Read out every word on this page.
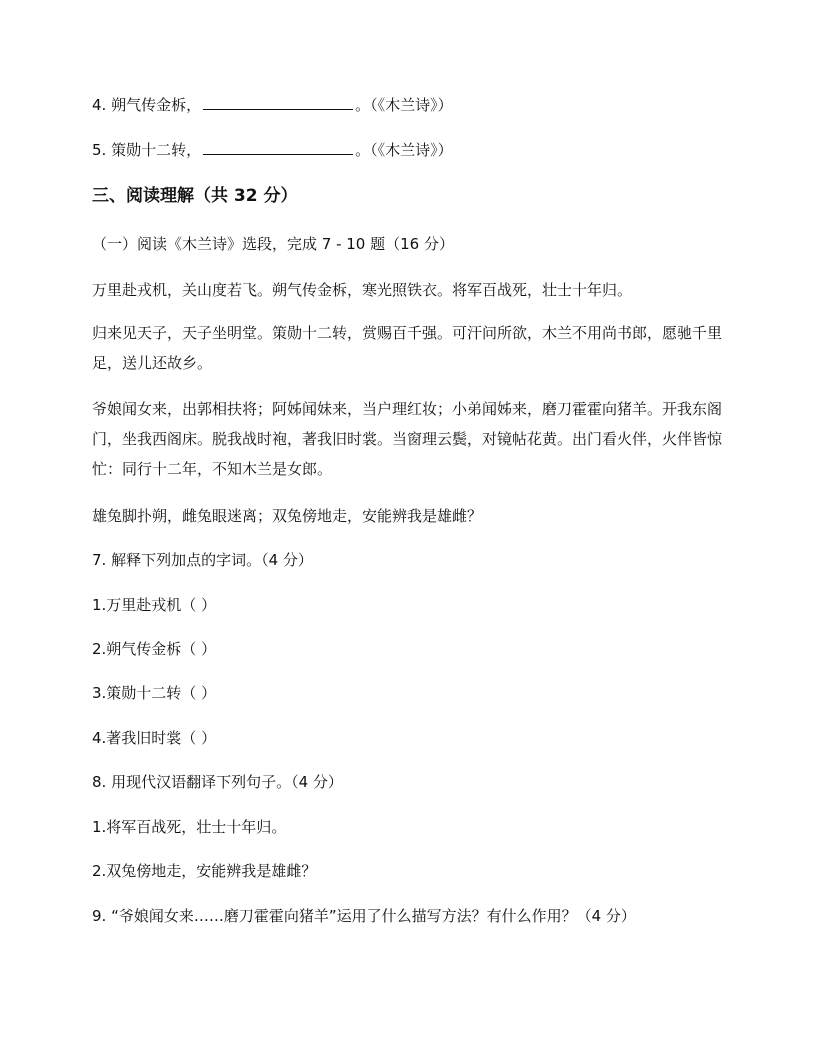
4. 朔气传金柝，	。（《木兰诗》）
5. 策勋十二转，	。（《木兰诗》）
三、阅读理解（共 32 分）
（一）阅读《木兰诗》选段，完成 7 - 10 题（16 分）
万里赴戎机，关山度若飞。朔气传金柝，寒光照铁衣。将军百战死，壮士十年归。
归来见天子，天子坐明堂。策勋十二转，赏赐百千强。可汗问所欲，木兰不用尚书郎，愿驰千里足，送儿还故乡。
爷娘闻女来，出郭相扶将；阿姊闻妹来，当户理红妆；小弟闻姊来，磨刀霍霍向猪羊。开我东阁门，坐我西阁床。脱我战时袍，著我旧时裳。当窗理云鬓，对镜帖花黄。出门看火伴，火伴皆惊忙：同行十二年，不知木兰是女郎。
雄兔脚扑朔，雌兔眼迷离；双兔傍地走，安能辨我是雄雌？
7. 解释下列加点的字词。（4 分）
1.万里赴戎机（ ）
2.朔气传金柝（ ）
3.策勋十二转（ ）
4.著我旧时裳（ ）
8. 用现代汉语翻译下列句子。（4 分）
1.将军百战死，壮士十年归。
2.双兔傍地走，安能辨我是雄雌？
9. “爷娘闻女来……磨刀霍霍向猪羊”运用了什么描写方法？有什么作用？（4 分）
